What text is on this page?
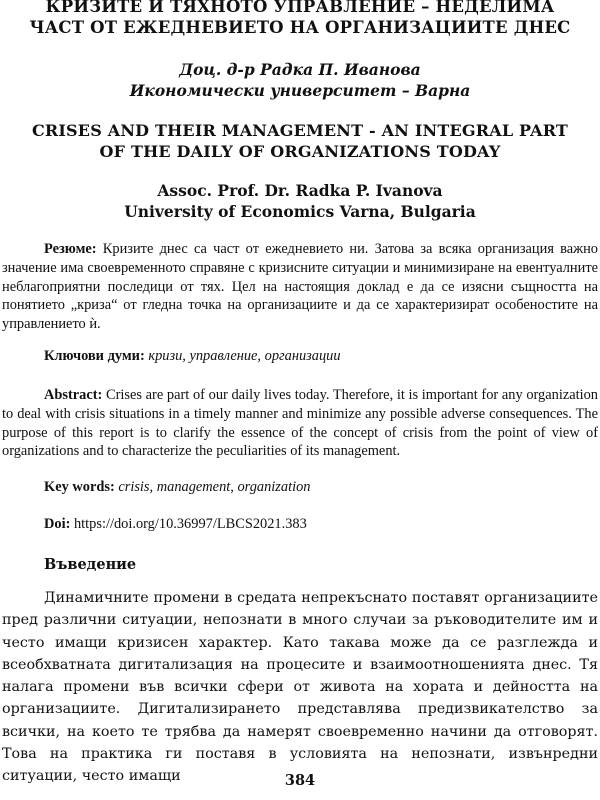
КРИЗИТЕ И ТЯХНОТО УПРАВЛЕНИЕ – НЕДЕЛИМА
ЧАСТ ОТ ЕЖЕДНЕВИЕТО НА ОРГАНИЗАЦИИТЕ ДНЕС
Доц. д-р Радка П. Иванова
Икономически университет – Варна
CRISES AND THEIR MANAGEMENT - AN INTEGRAL PART
OF THE DAILY OF ORGANIZATIONS TODAY
Assoc. Prof. Dr. Radka P. Ivanova
University of Economics Varna, Bulgaria

Резюме: Кризите днес са част от ежедневието ни. Затова за всяка организация важно значение има своевременното справяне с кризисните ситуации и минимизиране на евентуалните неблагоприятни последици от тях. Цел на настоящия доклад е да се изясни същността на понятието „криза“ от гледна точка на организациите и да се характеризират особеностите на управлението ѝ.

Ключови думи: кризи, управление, организации

Abstract: Crises are part of our daily lives today. Therefore, it is important for any organization to deal with crisis situations in a timely manner and minimize any possible adverse consequences. The purpose of this report is to clarify the essence of the concept of crisis from the point of view of organizations and to characterize the peculiarities of its management.

Key words: crisis, management, organization

Doi: https://doi.org/10.36997/LBCS2021.383
Въведение

Динамичните промени в средата непрекъснато поставят организациите пред различни ситуации, непознати в много случаи за ръководителите им и често имащи кризисен характер. Като такава може да се разглежда и всеобхватната дигитализация на процесите и взаимоотношенията днес. Тя налага промени във всички сфери от живота на хората и дейността на организациите. Дигитализирането представлява предизвикателство за всички, на което те трябва да намерят своевременно начини да отговорят. Това на практика ги поставя в условията на непознати, извънредни ситуации, често имащи	384
